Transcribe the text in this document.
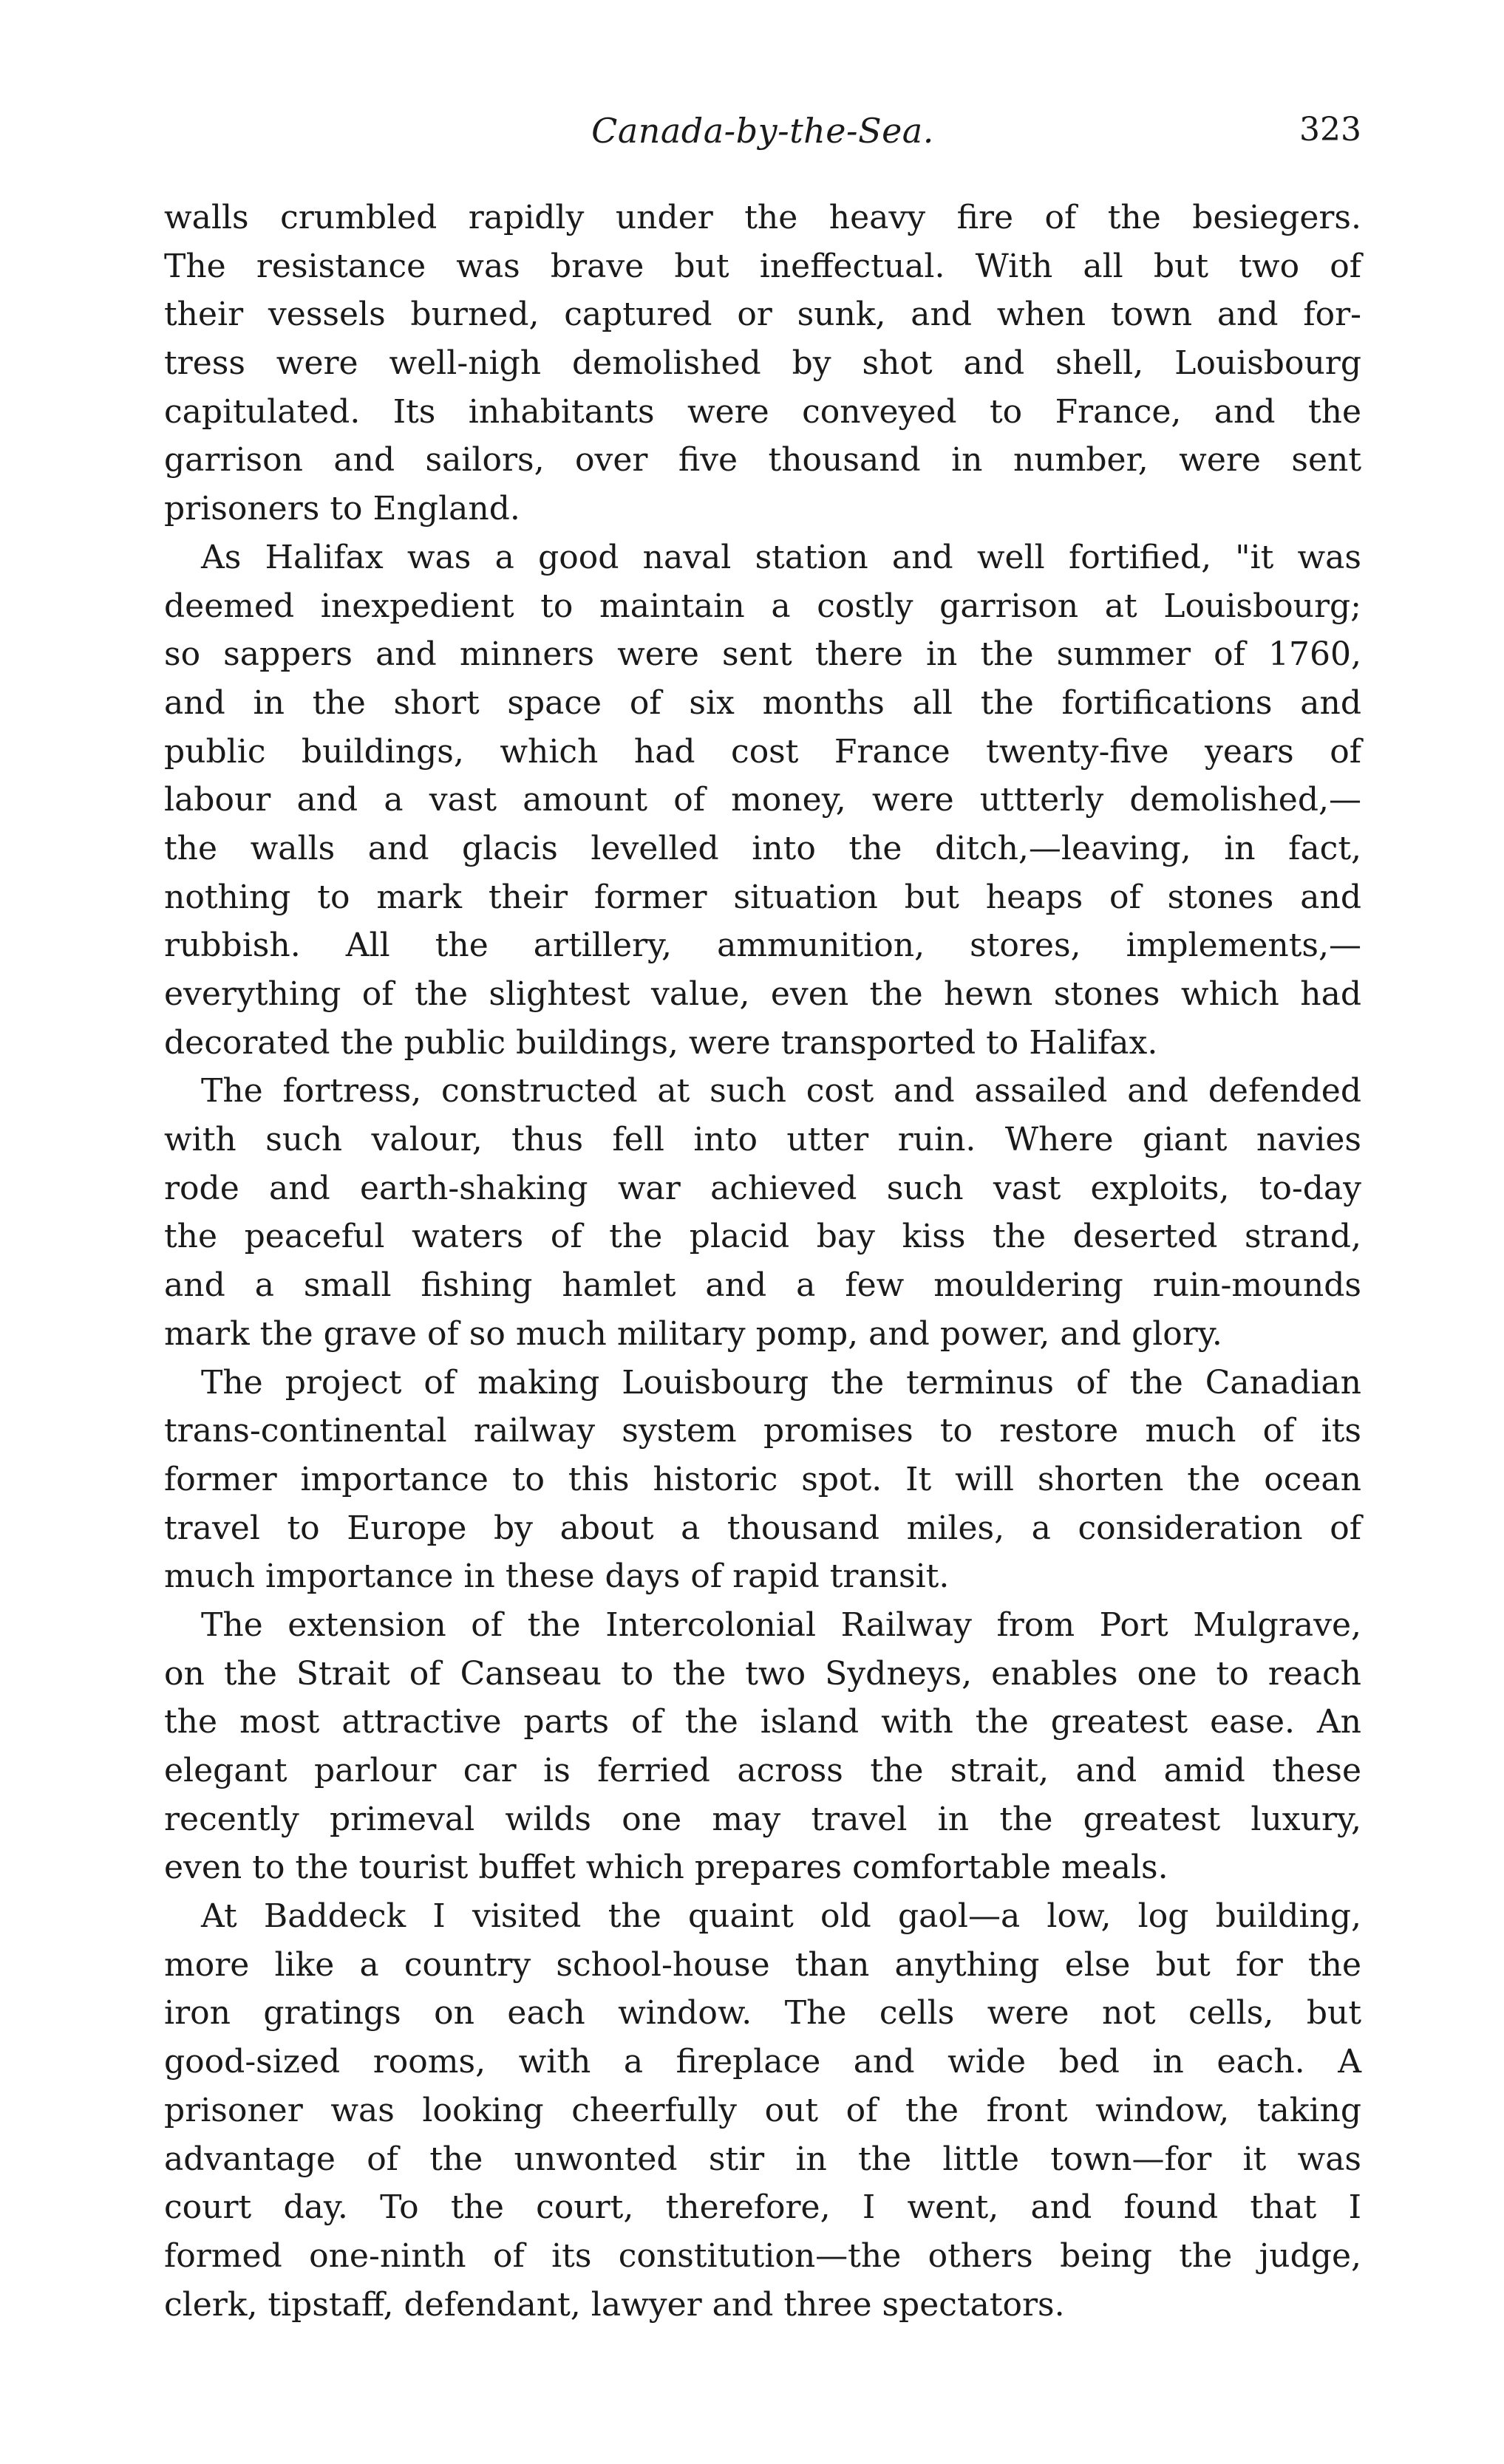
Canada-by-the-Sea.	323
walls crumbled rapidly under the heavy fire of the besiegers.
The resistance was brave but ineffectual. With all but two of
their vessels burned, captured or sunk, and when town and for-
tress were well-nigh demolished by shot and shell, Louisbourg
capitulated. Its inhabitants were conveyed to France, and the
garrison and sailors, over five thousand in number, were sent
prisoners to England.
As Halifax was a good naval station and well fortified, "it was
deemed inexpedient to maintain a costly garrison at Louisbourg;
so sappers and minners were sent there in the summer of 1760,
and in the short space of six months all the fortifications and
public buildings, which had cost France twenty-five years of
labour and a vast amount of money, were uttterly demolished,—
the walls and glacis levelled into the ditch,—leaving, in fact,
nothing to mark their former situation but heaps of stones and
rubbish. All the artillery, ammunition, stores, implements,—
everything of the slightest value, even the hewn stones which had
decorated the public buildings, were transported to Halifax.
The fortress, constructed at such cost and assailed and defended
with such valour, thus fell into utter ruin. Where giant navies
rode and earth-shaking war achieved such vast exploits, to-day
the peaceful waters of the placid bay kiss the deserted strand,
and a small fishing hamlet and a few mouldering ruin-mounds
mark the grave of so much military pomp, and power, and glory.
The project of making Louisbourg the terminus of the Canadian
trans-continental railway system promises to restore much of its
former importance to this historic spot. It will shorten the ocean
travel to Europe by about a thousand miles, a consideration of
much importance in these days of rapid transit.
The extension of the Intercolonial Railway from Port Mulgrave,
on the Strait of Canseau to the two Sydneys, enables one to reach
the most attractive parts of the island with the greatest ease. An
elegant parlour car is ferried across the strait, and amid these
recently primeval wilds one may travel in the greatest luxury,
even to the tourist buffet which prepares comfortable meals.
At Baddeck I visited the quaint old gaol—a low, log building,
more like a country school-house than anything else but for the
iron gratings on each window. The cells were not cells, but
good-sized rooms, with a fireplace and wide bed in each. A
prisoner was looking cheerfully out of the front window, taking
advantage of the unwonted stir in the little town—for it was
court day. To the court, therefore, I went, and found that I
formed one-ninth of its constitution—the others being the judge,
clerk, tipstaff, defendant, lawyer and three spectators.
